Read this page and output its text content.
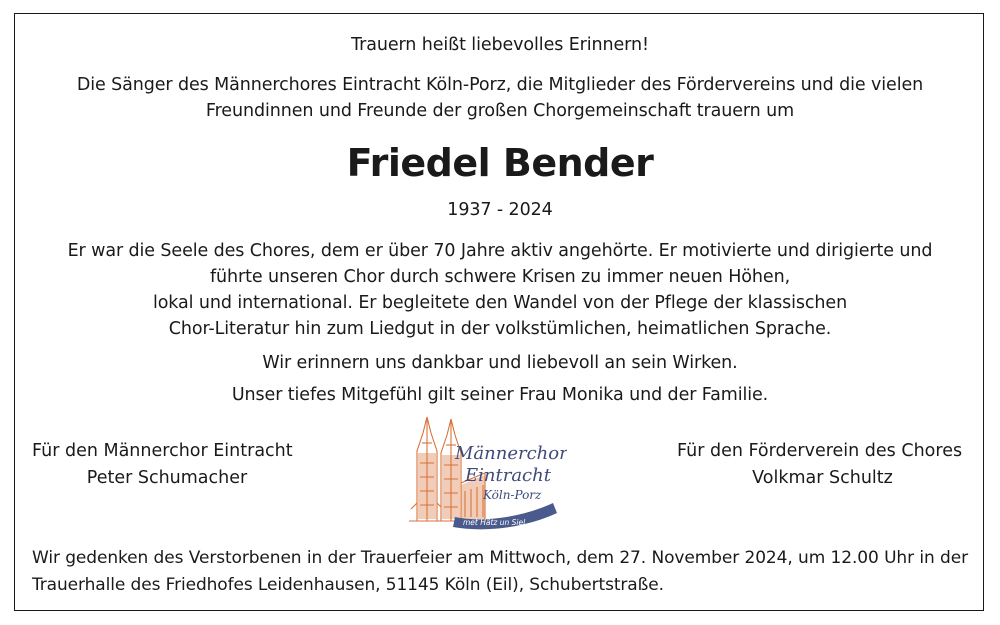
Trauern heißt liebevolles Erinnern!
Die Sänger des Männerchores Eintracht Köln-Porz, die Mitglieder des Fördervereins und die vielen
Freundinnen und Freunde der großen Chorgemeinschaft trauern um
Friedel Bender
1937 - 2024
Er war die Seele des Chores, dem er über 70 Jahre aktiv angehörte. Er motivierte und dirigierte und
führte unseren Chor durch schwere Krisen zu immer neuen Höhen,
lokal und international. Er begleitete den Wandel von der Pflege der klassischen
Chor-Literatur hin zum Liedgut in der volkstümlichen, heimatlichen Sprache.
Wir erinnern uns dankbar und liebevoll an sein Wirken.
Unser tiefes Mitgefühl gilt seiner Frau Monika und der Familie.
Für den Männerchor Eintracht
Peter Schumacher
Für den Förderverein des Chores
Volkmar Schultz
met Hätz un Siel
Männerchor
Eintracht
Köln-Porz
Wir gedenken des Verstorbenen in der Trauerfeier am Mittwoch, dem 27. November 2024, um 12.00 Uhr in der Trauerhalle des Friedhofes Leidenhausen, 51145 Köln (Eil), Schubertstraße.
